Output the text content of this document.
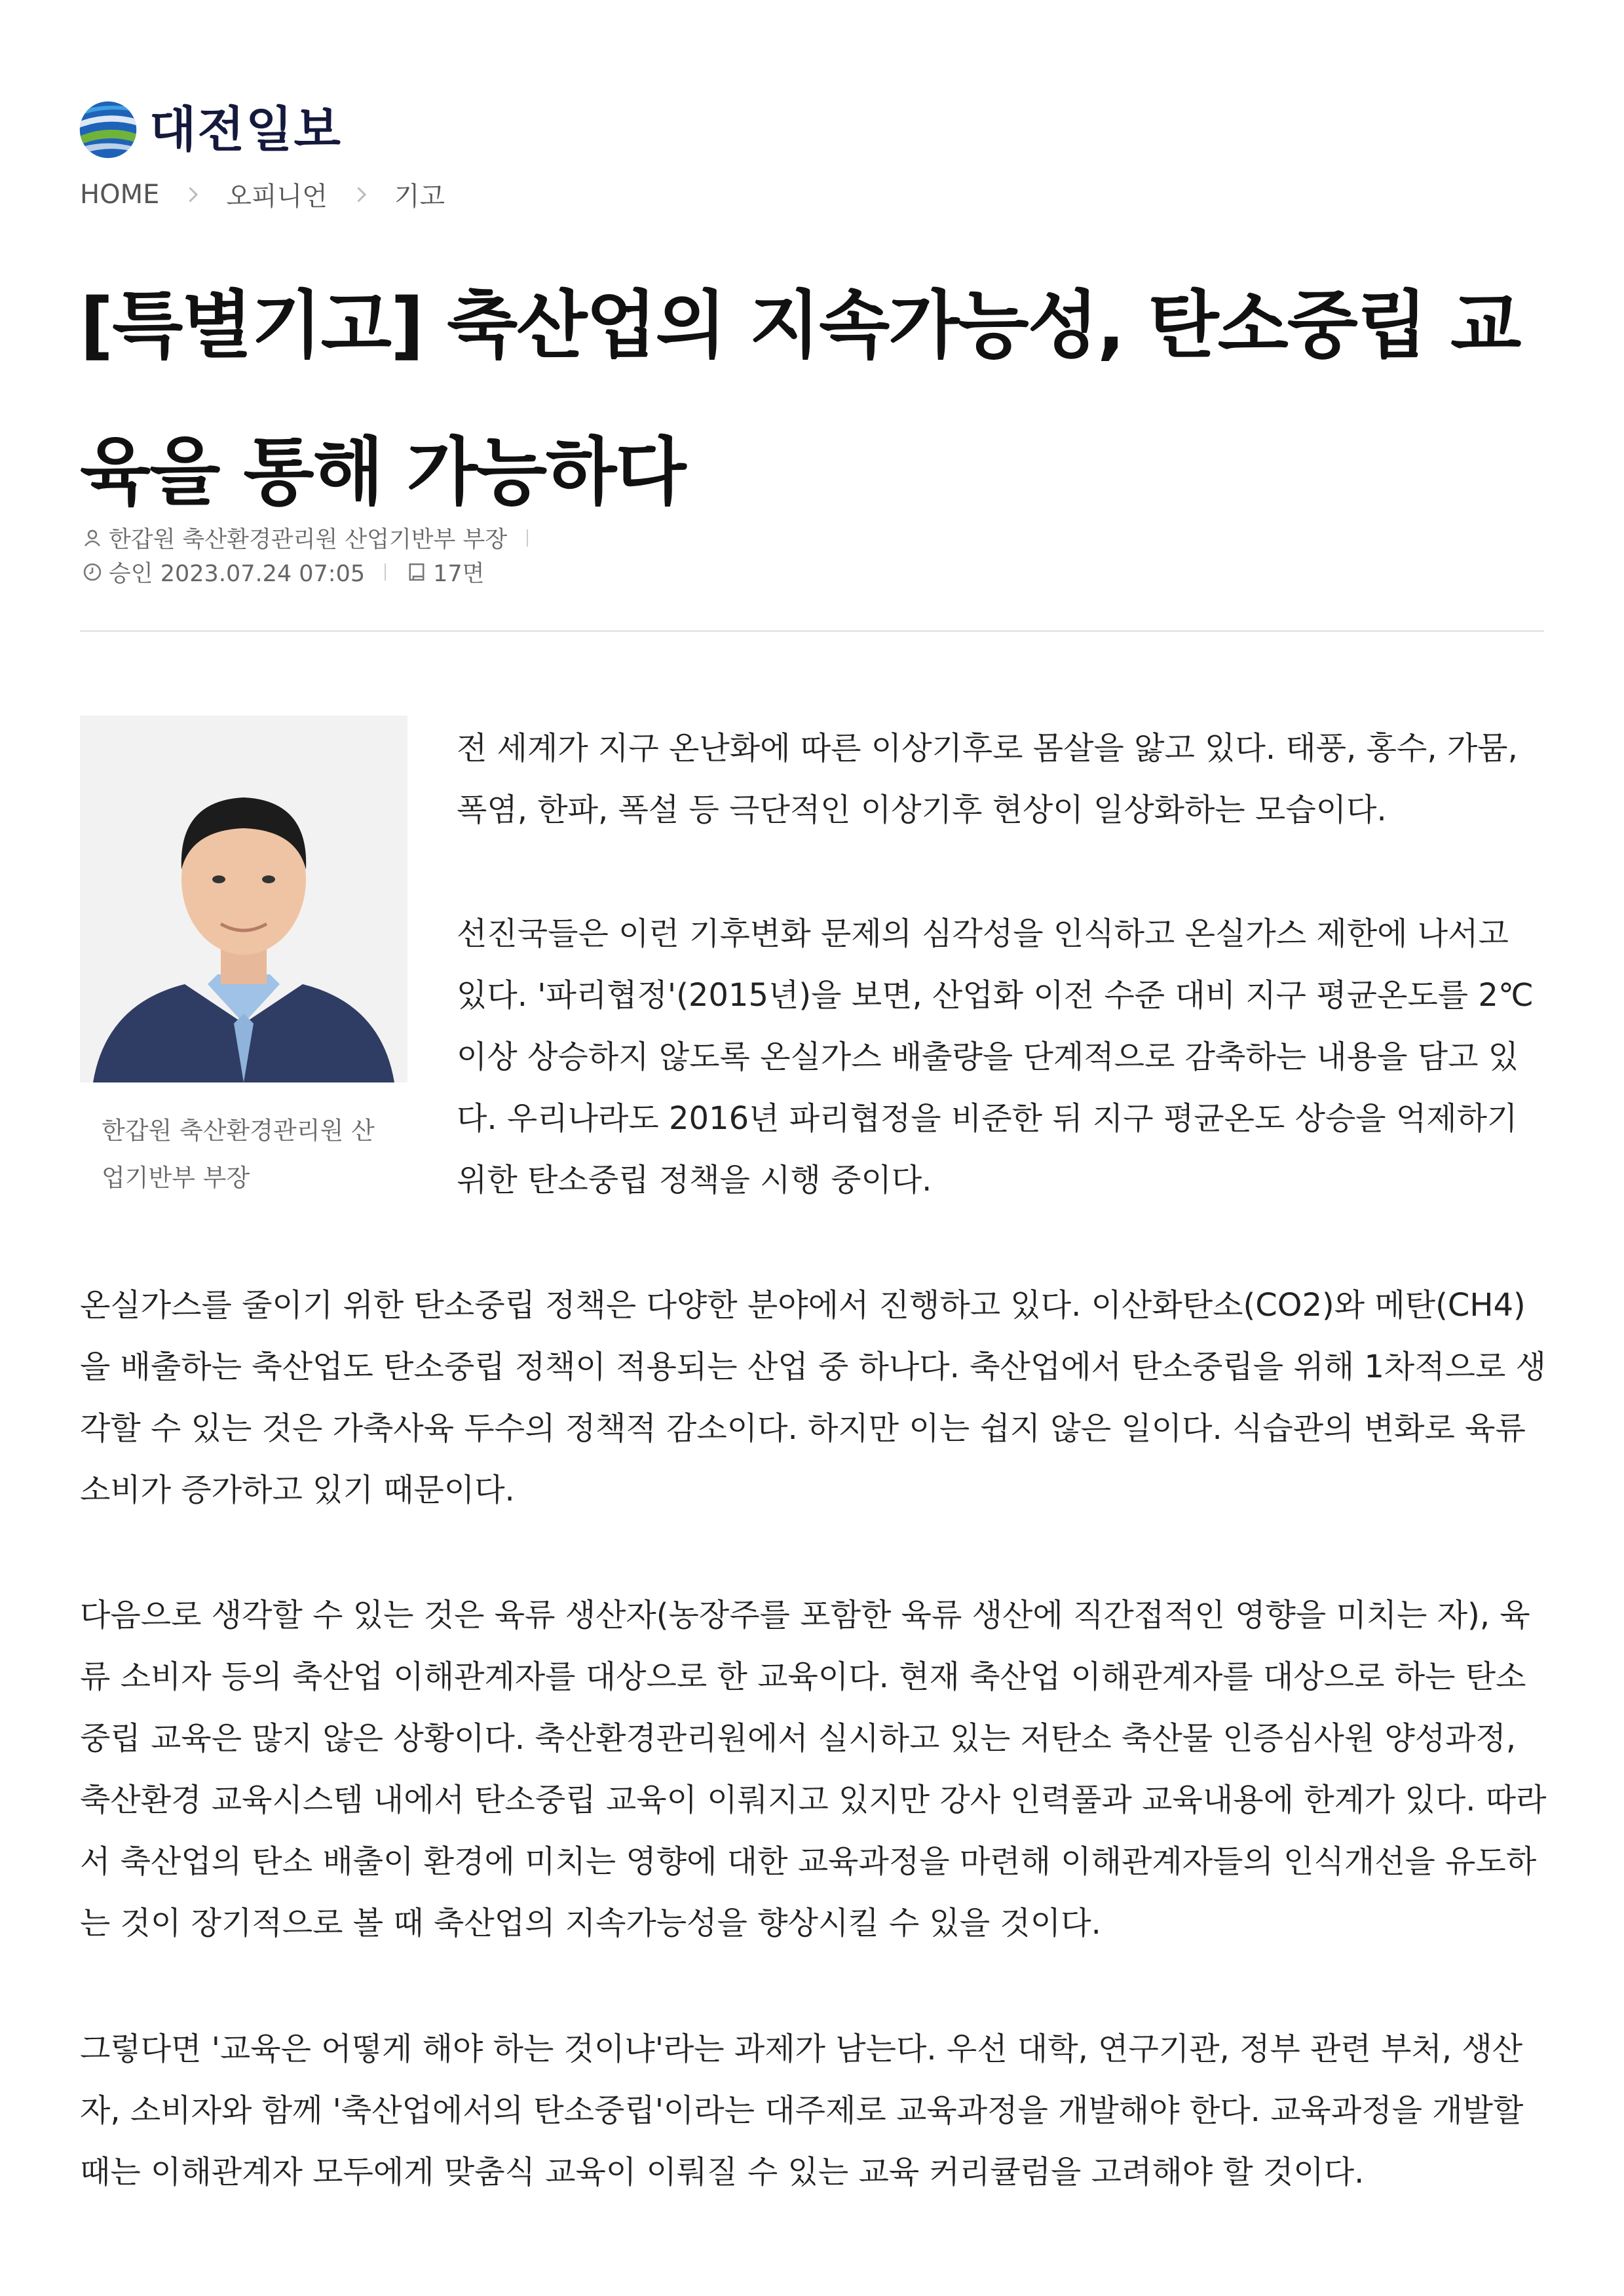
대전일보
HOME	오피니언	기고
[특별기고] 축산업의 지속가능성, 탄소중립 교육을 통해 가능하다
한갑원 축산환경관리원 산업기반부 부장
승인 2023.07.24 07:05	17면
한갑원 축산환경관리원 산업기반부 부장

전 세계가 지구 온난화에 따른 이상기후로 몸살을 앓고 있다. 태풍, 홍수, 가뭄, 폭염, 한파, 폭설 등 극단적인 이상기후 현상이 일상화하는 모습이다.

선진국들은 이런 기후변화 문제의 심각성을 인식하고 온실가스 제한에 나서고 있다. '파리협정'(2015년)을 보면, 산업화 이전 수준 대비 지구 평균온도를 2℃ 이상 상승하지 않도록 온실가스 배출량을 단계적으로 감축하는 내용을 담고 있다. 우리나라도 2016년 파리협정을 비준한 뒤 지구 평균온도 상승을 억제하기 위한 탄소중립 정책을 시행 중이다.

온실가스를 줄이기 위한 탄소중립 정책은 다양한 분야에서 진행하고 있다. 이산화탄소(CO2)와 메탄(CH4)을 배출하는 축산업도 탄소중립 정책이 적용되는 산업 중 하나다. 축산업에서 탄소중립을 위해 1차적으로 생각할 수 있는 것은 가축사육 두수의 정책적 감소이다. 하지만 이는 쉽지 않은 일이다. 식습관의 변화로 육류 소비가 증가하고 있기 때문이다.

다음으로 생각할 수 있는 것은 육류 생산자(농장주를 포함한 육류 생산에 직간접적인 영향을 미치는 자), 육류 소비자 등의 축산업 이해관계자를 대상으로 한 교육이다. 현재 축산업 이해관계자를 대상으로 하는 탄소중립 교육은 많지 않은 상황이다. 축산환경관리원에서 실시하고 있는 저탄소 축산물 인증심사원 양성과정, 축산환경 교육시스템 내에서 탄소중립 교육이 이뤄지고 있지만 강사 인력풀과 교육내용에 한계가 있다. 따라서 축산업의 탄소 배출이 환경에 미치는 영향에 대한 교육과정을 마련해 이해관계자들의 인식개선을 유도하는 것이 장기적으로 볼 때 축산업의 지속가능성을 향상시킬 수 있을 것이다.

그렇다면 '교육은 어떻게 해야 하는 것이냐'라는 과제가 남는다. 우선 대학, 연구기관, 정부 관련 부처, 생산자, 소비자와 함께 '축산업에서의 탄소중립'이라는 대주제로 교육과정을 개발해야 한다. 교육과정을 개발할 때는 이해관계자 모두에게 맞춤식 교육이 이뤄질 수 있는 교육 커리큘럼을 고려해야 할 것이다.
